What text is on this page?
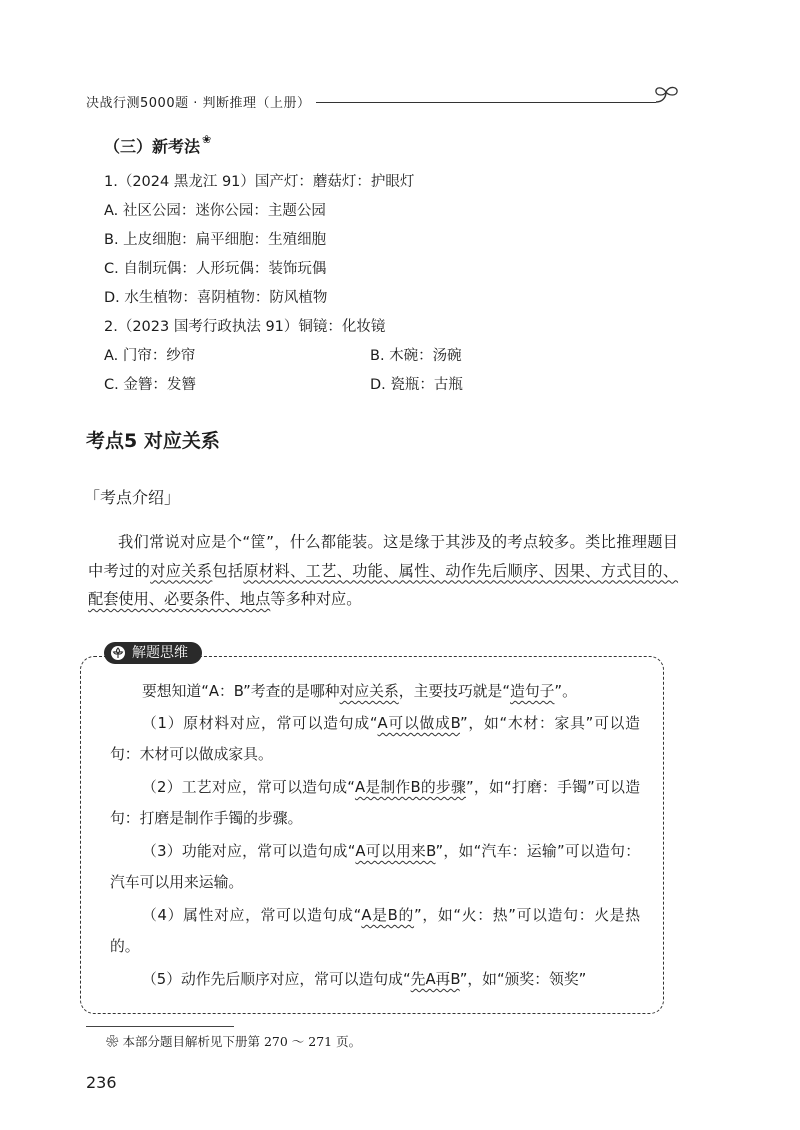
决战行测5000题 · 判断推理（上册）
（三）新考法 ❀
1.（2024 黑龙江 91）国产灯：蘑菇灯：护眼灯
A. 社区公园：迷你公园：主题公园
B. 上皮细胞：扁平细胞：生殖细胞
C. 自制玩偶：人形玩偶：装饰玩偶
D. 水生植物：喜阴植物：防风植物
2.（2023 国考行政执法 91）铜镜：化妆镜
A. 门帘：纱帘	B. 木碗：汤碗
C. 金簪：发簪	D. 瓷瓶：古瓶
考点5 对应关系
「考点介绍」
我们常说对应是个“筐”，什么都能装。这是缘于其涉及的考点较多。类比推理题目中考过的对应关系包括原材料、工艺、功能、属性、动作先后顺序、因果、方式目的、配套使用、必要条件、地点等多种对应。
解题思维
要想知道“A：B”考查的是哪种对应关系，主要技巧就是“造句子”。
（1）原材料对应，常可以造句成“A可以做成B”，如“木材：家具”可以造句：木材可以做成家具。
（2）工艺对应，常可以造句成“A是制作B的步骤”，如“打磨：手镯”可以造句：打磨是制作手镯的步骤。
（3）功能对应，常可以造句成“A可以用来B”，如“汽车：运输”可以造句：汽车可以用来运输。
（4）属性对应，常可以造句成“A是B的”，如“火：热”可以造句：火是热的。
（5）动作先后顺序对应，常可以造句成“先A再B”，如“颁奖：领奖”
❀ 本部分题目解析见下册第 270 ～ 271 页。
236
